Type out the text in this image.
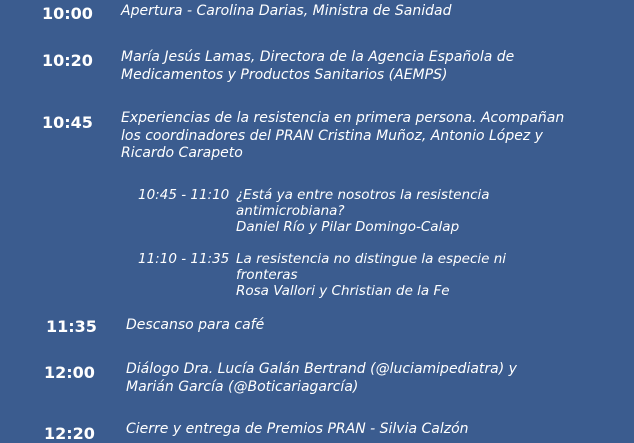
10:00 Apertura - Carolina Darias, Ministra de Sanidad
10:20 María Jesús Lamas, Directora de la Agencia Española de
Medicamentos y Productos Sanitarios (AEMPS)
10:45 Experiencias de la resistencia en primera persona. Acompañan
los coordinadores del PRAN Cristina Muñoz, Antonio López y
Ricardo Carapeto
10:45 - 11:10 ¿Está ya entre nosotros la resistencia
antimicrobiana?
Daniel Río y Pilar Domingo-Calap
11:10 - 11:35 La resistencia no distingue la especie ni
fronteras
Rosa Vallori y Christian de la Fe
11:35 Descanso para café
12:00 Diálogo Dra. Lucía Galán Bertrand (@luciamipediatra) y
Marián García (@Boticariagarcía)
12:20 Cierre y entrega de Premios PRAN - Silvia Calzón
